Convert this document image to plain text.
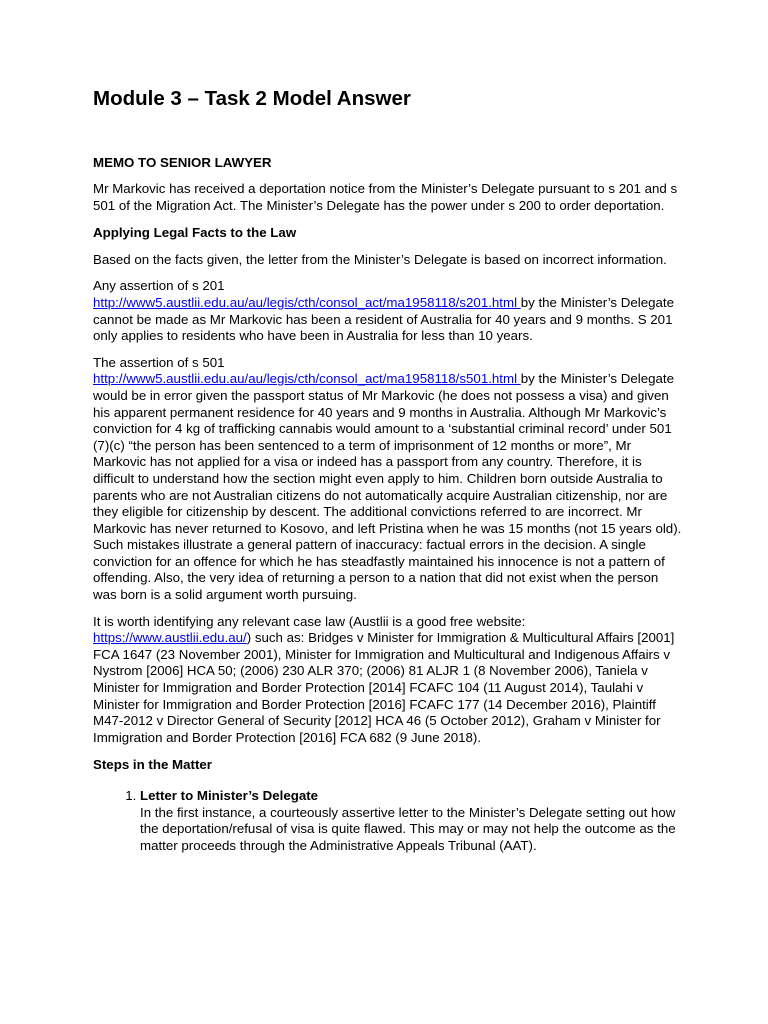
Module 3 – Task 2 Model Answer
MEMO TO SENIOR LAWYER

Mr Markovic has received a deportation notice from the Minister’s Delegate pursuant to s 201 and s 501 of the Migration Act. The Minister’s Delegate has the power under s 200 to order deportation.

Applying Legal Facts to the Law

Based on the facts given, the letter from the Minister’s Delegate is based on incorrect information.

Any assertion of s 201
http://www5.austlii.edu.au/au/legis/cth/consol_act/ma1958118/s201.html by the Minister’s Delegate cannot be made as Mr Markovic has been a resident of Australia for 40 years and 9 months. S 201 only applies to residents who have been in Australia for less than 10 years.

The assertion of s 501
http://www5.austlii.edu.au/au/legis/cth/consol_act/ma1958118/s501.html by the Minister’s Delegate would be in error given the passport status of Mr Markovic (he does not possess a visa) and given his apparent permanent residence for 40 years and 9 months in Australia. Although Mr Markovic’s conviction for 4 kg of trafficking cannabis would amount to a ‘substantial criminal record’ under 501 (7)(c) “the person has been sentenced to a term of imprisonment of 12 months or more”, Mr Markovic has not applied for a visa or indeed has a passport from any country. Therefore, it is difficult to understand how the section might even apply to him. Children born outside Australia to parents who are not Australian citizens do not automatically acquire Australian citizenship, nor are they eligible for citizenship by descent. The additional convictions referred to are incorrect. Mr Markovic has never returned to Kosovo, and left Pristina when he was 15 months (not 15 years old). Such mistakes illustrate a general pattern of inaccuracy: factual errors in the decision. A single conviction for an offence for which he has steadfastly maintained his innocence is not a pattern of offending. Also, the very idea of returning a person to a nation that did not exist when the person was born is a solid argument worth pursuing.

It is worth identifying any relevant case law (Austlii is a good free website: https://www.austlii.edu.au/) such as: Bridges v Minister for Immigration & Multicultural Affairs [2001] FCA 1647 (23 November 2001), Minister for Immigration and Multicultural and Indigenous Affairs v Nystrom [2006] HCA 50; (2006) 230 ALR 370; (2006) 81 ALJR 1 (8 November 2006), Taniela v Minister for Immigration and Border Protection [2014] FCAFC 104 (11 August 2014), Taulahi v Minister for Immigration and Border Protection [2016] FCAFC 177 (14 December 2016), Plaintiff M47-2012 v Director General of Security [2012] HCA 46 (5 October 2012), Graham v Minister for Immigration and Border Protection [2016] FCA 682 (9 June 2018).

Steps in the Matter
1. Letter to Minister’s Delegate
In the first instance, a courteously assertive letter to the Minister’s Delegate setting out how the deportation/refusal of visa is quite flawed. This may or may not help the outcome as the matter proceeds through the Administrative Appeals Tribunal (AAT).
